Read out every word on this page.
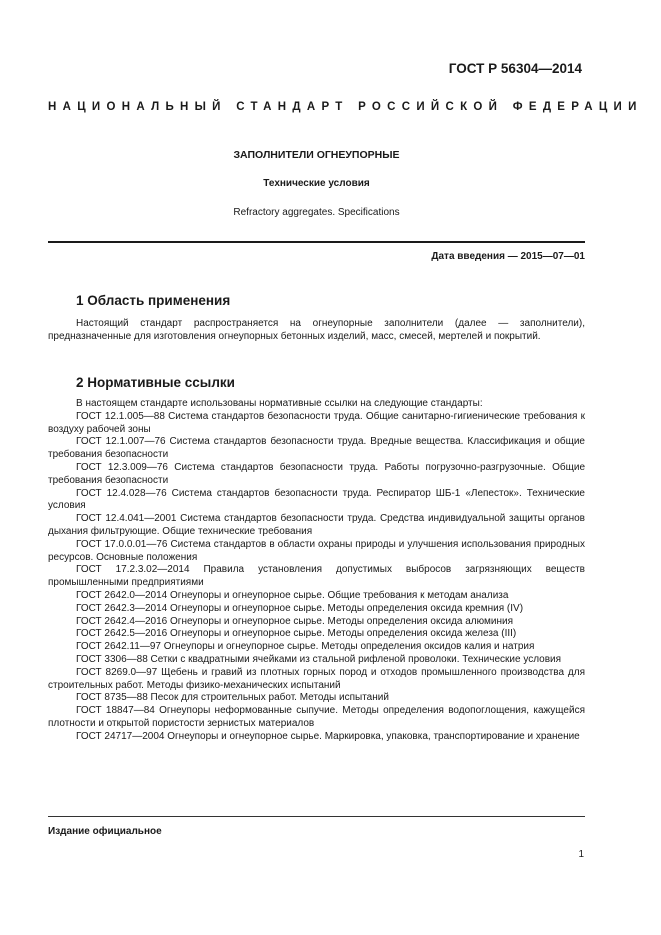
ГОСТ Р 56304—2014
НАЦИОНАЛЬНЫЙ СТАНДАРТ РОССИЙСКОЙ ФЕДЕРАЦИИ
ЗАПОЛНИТЕЛИ ОГНЕУПОРНЫЕ
Технические условия
Refractory aggregates. Specifications
Дата введения — 2015—07—01
1 Область применения

Настоящий стандарт распространяется на огнеупорные заполнители (далее — заполнители), предназначенные для изготовления огнеупорных бетонных изделий, масс, смесей, мертелей и покрытий.

2 Нормативные ссылки

В настоящем стандарте использованы нормативные ссылки на следующие стандарты:

ГОСТ 12.1.005—88 Система стандартов безопасности труда. Общие санитарно-гигиенические требования к воздуху рабочей зоны

ГОСТ 12.1.007—76 Система стандартов безопасности труда. Вредные вещества. Классификация и общие требования безопасности

ГОСТ 12.3.009—76 Система стандартов безопасности труда. Работы погрузочно-разгрузочные. Общие требования безопасности

ГОСТ 12.4.028—76 Система стандартов безопасности труда. Респиратор ШБ-1 «Лепесток». Технические условия

ГОСТ 12.4.041—2001 Система стандартов безопасности труда. Средства индивидуальной защиты органов дыхания фильтрующие. Общие технические требования

ГОСТ 17.0.0.01—76 Система стандартов в области охраны природы и улучшения использования природных ресурсов. Основные положения

ГОСТ 17.2.3.02—2014 Правила установления допустимых выбросов загрязняющих веществ промышленными предприятиями

ГОСТ 2642.0—2014 Огнеупоры и огнеупорное сырье. Общие требования к методам анализа

ГОСТ 2642.3—2014 Огнеупоры и огнеупорное сырье. Методы определения оксида кремния (IV)

ГОСТ 2642.4—2016 Огнеупоры и огнеупорное сырье. Методы определения оксида алюминия

ГОСТ 2642.5—2016 Огнеупоры и огнеупорное сырье. Методы определения оксида железа (III)

ГОСТ 2642.11—97 Огнеупоры и огнеупорное сырье. Методы определения оксидов калия и натрия

ГОСТ 3306—88 Сетки с квадратными ячейками из стальной рифленой проволоки. Технические условия

ГОСТ 8269.0—97 Щебень и гравий из плотных горных пород и отходов промышленного производства для строительных работ. Методы физико-механических испытаний

ГОСТ 8735—88 Песок для строительных работ. Методы испытаний

ГОСТ 18847—84 Огнеупоры неформованные сыпучие. Методы определения водопоглощения, кажущейся плотности и открытой пористости зернистых материалов

ГОСТ 24717—2004 Огнеупоры и огнеупорное сырье. Маркировка, упаковка, транспортирование и хранение

Издание официальное
1
